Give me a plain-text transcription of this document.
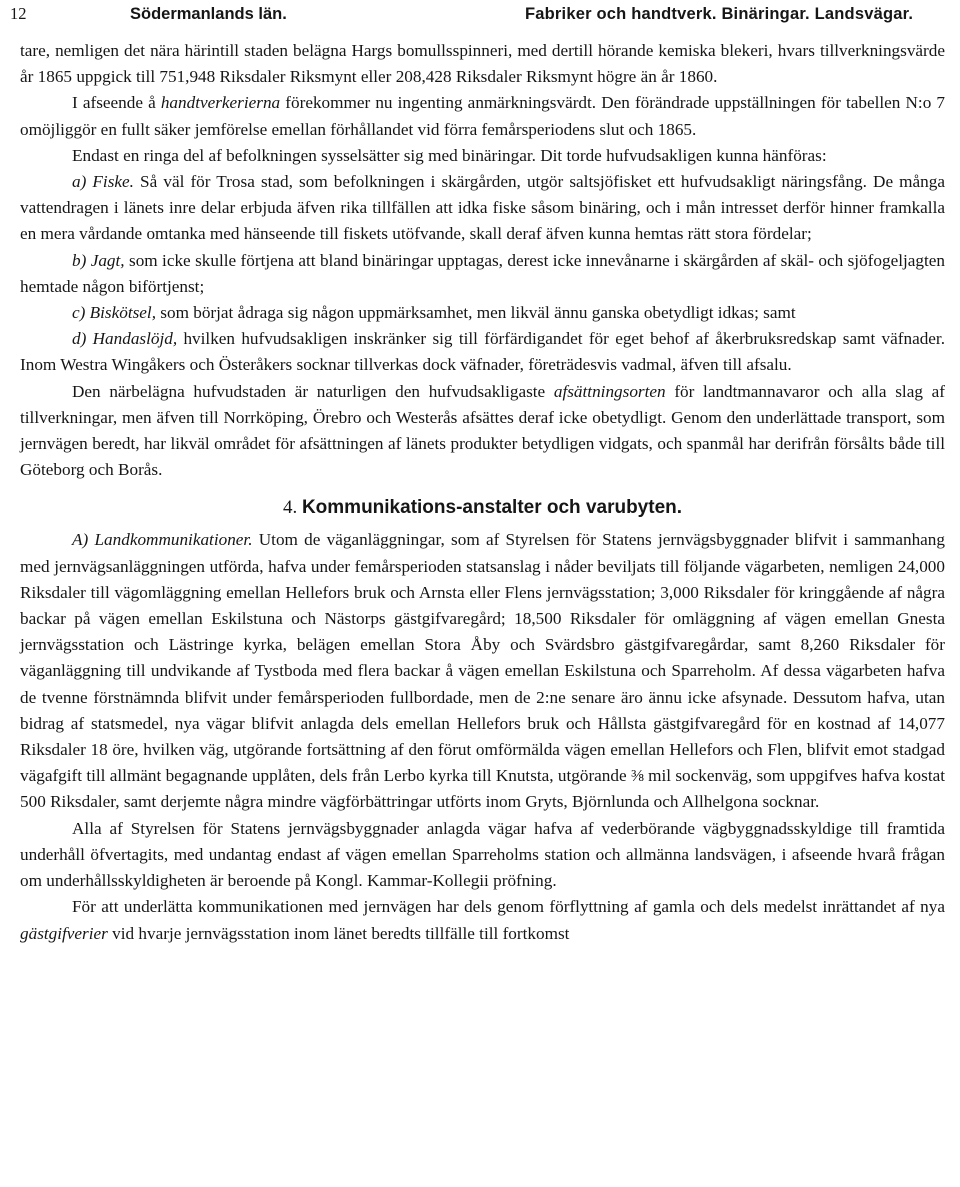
12	Södermanlands län.	Fabriker och handtverk. Binäringar. Landsvägar.

tare, nemligen det nära härintill staden belägna Hargs bomullsspinneri, med dertill hörande kemiska blekeri, hvars tillverkningsvärde år 1865 uppgick till 751,948 Riksdaler Riksmynt eller 208,428 Riksdaler Riksmynt högre än år 1860.

I afseende å handtverkerierna förekommer nu ingenting anmärkningsvärdt. Den förändrade uppställningen för tabellen N:o 7 omöjliggör en fullt säker jemförelse emellan förhållandet vid förra femårsperiodens slut och 1865.

Endast en ringa del af befolkningen sysselsätter sig med binäringar. Dit torde hufvudsakligen kunna hänföras:

a) Fiske. Så väl för Trosa stad, som befolkningen i skärgården, utgör saltsjöfisket ett hufvudsakligt näringsfång. De många vattendragen i länets inre delar erbjuda äfven rika tillfällen att idka fiske såsom binäring, och i mån intresset derför hinner framkalla en mera vårdande omtanka med hänseende till fiskets utöfvande, skall deraf äfven kunna hemtas rätt stora fördelar;

b) Jagt, som icke skulle förtjena att bland binäringar upptagas, derest icke innevånarne i skärgården af skäl- och sjöfogeljagten hemtade någon biförtjenst;

c) Biskötsel, som börjat ådraga sig någon uppmärksamhet, men likväl ännu ganska obetydligt idkas; samt

d) Handaslöjd, hvilken hufvudsakligen inskränker sig till förfärdigandet för eget behof af åkerbruksredskap samt väfnader. Inom Westra Wingåkers och Österåkers socknar tillverkas dock väfnader, företrädesvis vadmal, äfven till afsalu.

Den närbelägna hufvudstaden är naturligen den hufvudsakligaste afsättningsorten för landtmannavaror och alla slag af tillverkningar, men äfven till Norrköping, Örebro och Westerås afsättes deraf icke obetydligt. Genom den underlättade transport, som jernvägen beredt, har likväl området för afsättningen af länets produkter betydligen vidgats, och spanmål har derifrån försålts både till Göteborg och Borås.

4. Kommunikations-anstalter och varubyten.

A) Landkommunikationer. Utom de väganläggningar, som af Styrelsen för Statens jernvägsbyggnader blifvit i sammanhang med jernvägsanläggningen utförda, hafva under femårsperioden statsanslag i nåder beviljats till följande vägarbeten, nemligen 24,000 Riksdaler till vägomläggning emellan Hellefors bruk och Arnsta eller Flens jernvägsstation; 3,000 Riksdaler för kringgående af några backar på vägen emellan Eskilstuna och Nästorps gästgifvaregård; 18,500 Riksdaler för omläggning af vägen emellan Gnesta jernvägsstation och Lästringe kyrka, belägen emellan Stora Åby och Svärdsbro gästgifvaregårdar, samt 8,260 Riksdaler för väganläggning till undvikande af Tystboda med flera backar å vägen emellan Eskilstuna och Sparreholm. Af dessa vägarbeten hafva de tvenne förstnämnda blifvit under femårsperioden fullbordade, men de 2:ne senare äro ännu icke afsynade. Dessutom hafva, utan bidrag af statsmedel, nya vägar blifvit anlagda dels emellan Hellefors bruk och Hållsta gästgifvaregård för en kostnad af 14,077 Riksdaler 18 öre, hvilken väg, utgörande fortsättning af den förut omförmälda vägen emellan Hellefors och Flen, blifvit emot stadgad vägafgift till allmänt begagnande upplåten, dels från Lerbo kyrka till Knutsta, utgörande ⅜ mil sockenväg, som uppgifves hafva kostat 500 Riksdaler, samt derjemte några mindre vägförbättringar utförts inom Gryts, Björnlunda och Allhelgona socknar.

Alla af Styrelsen för Statens jernvägsbyggnader anlagda vägar hafva af vederbörande vägbyggnadsskyldige till framtida underhåll öfvertagits, med undantag endast af vägen emellan Sparreholms station och allmänna landsvägen, i afseende hvarå frågan om underhållsskyldigheten är beroende på Kongl. Kammar-Kollegii pröfning.

För att underlätta kommunikationen med jernvägen har dels genom förflyttning af gamla och dels medelst inrättandet af nya gästgifverier vid hvarje jernvägsstation inom länet beredts tillfälle till fortkomst
